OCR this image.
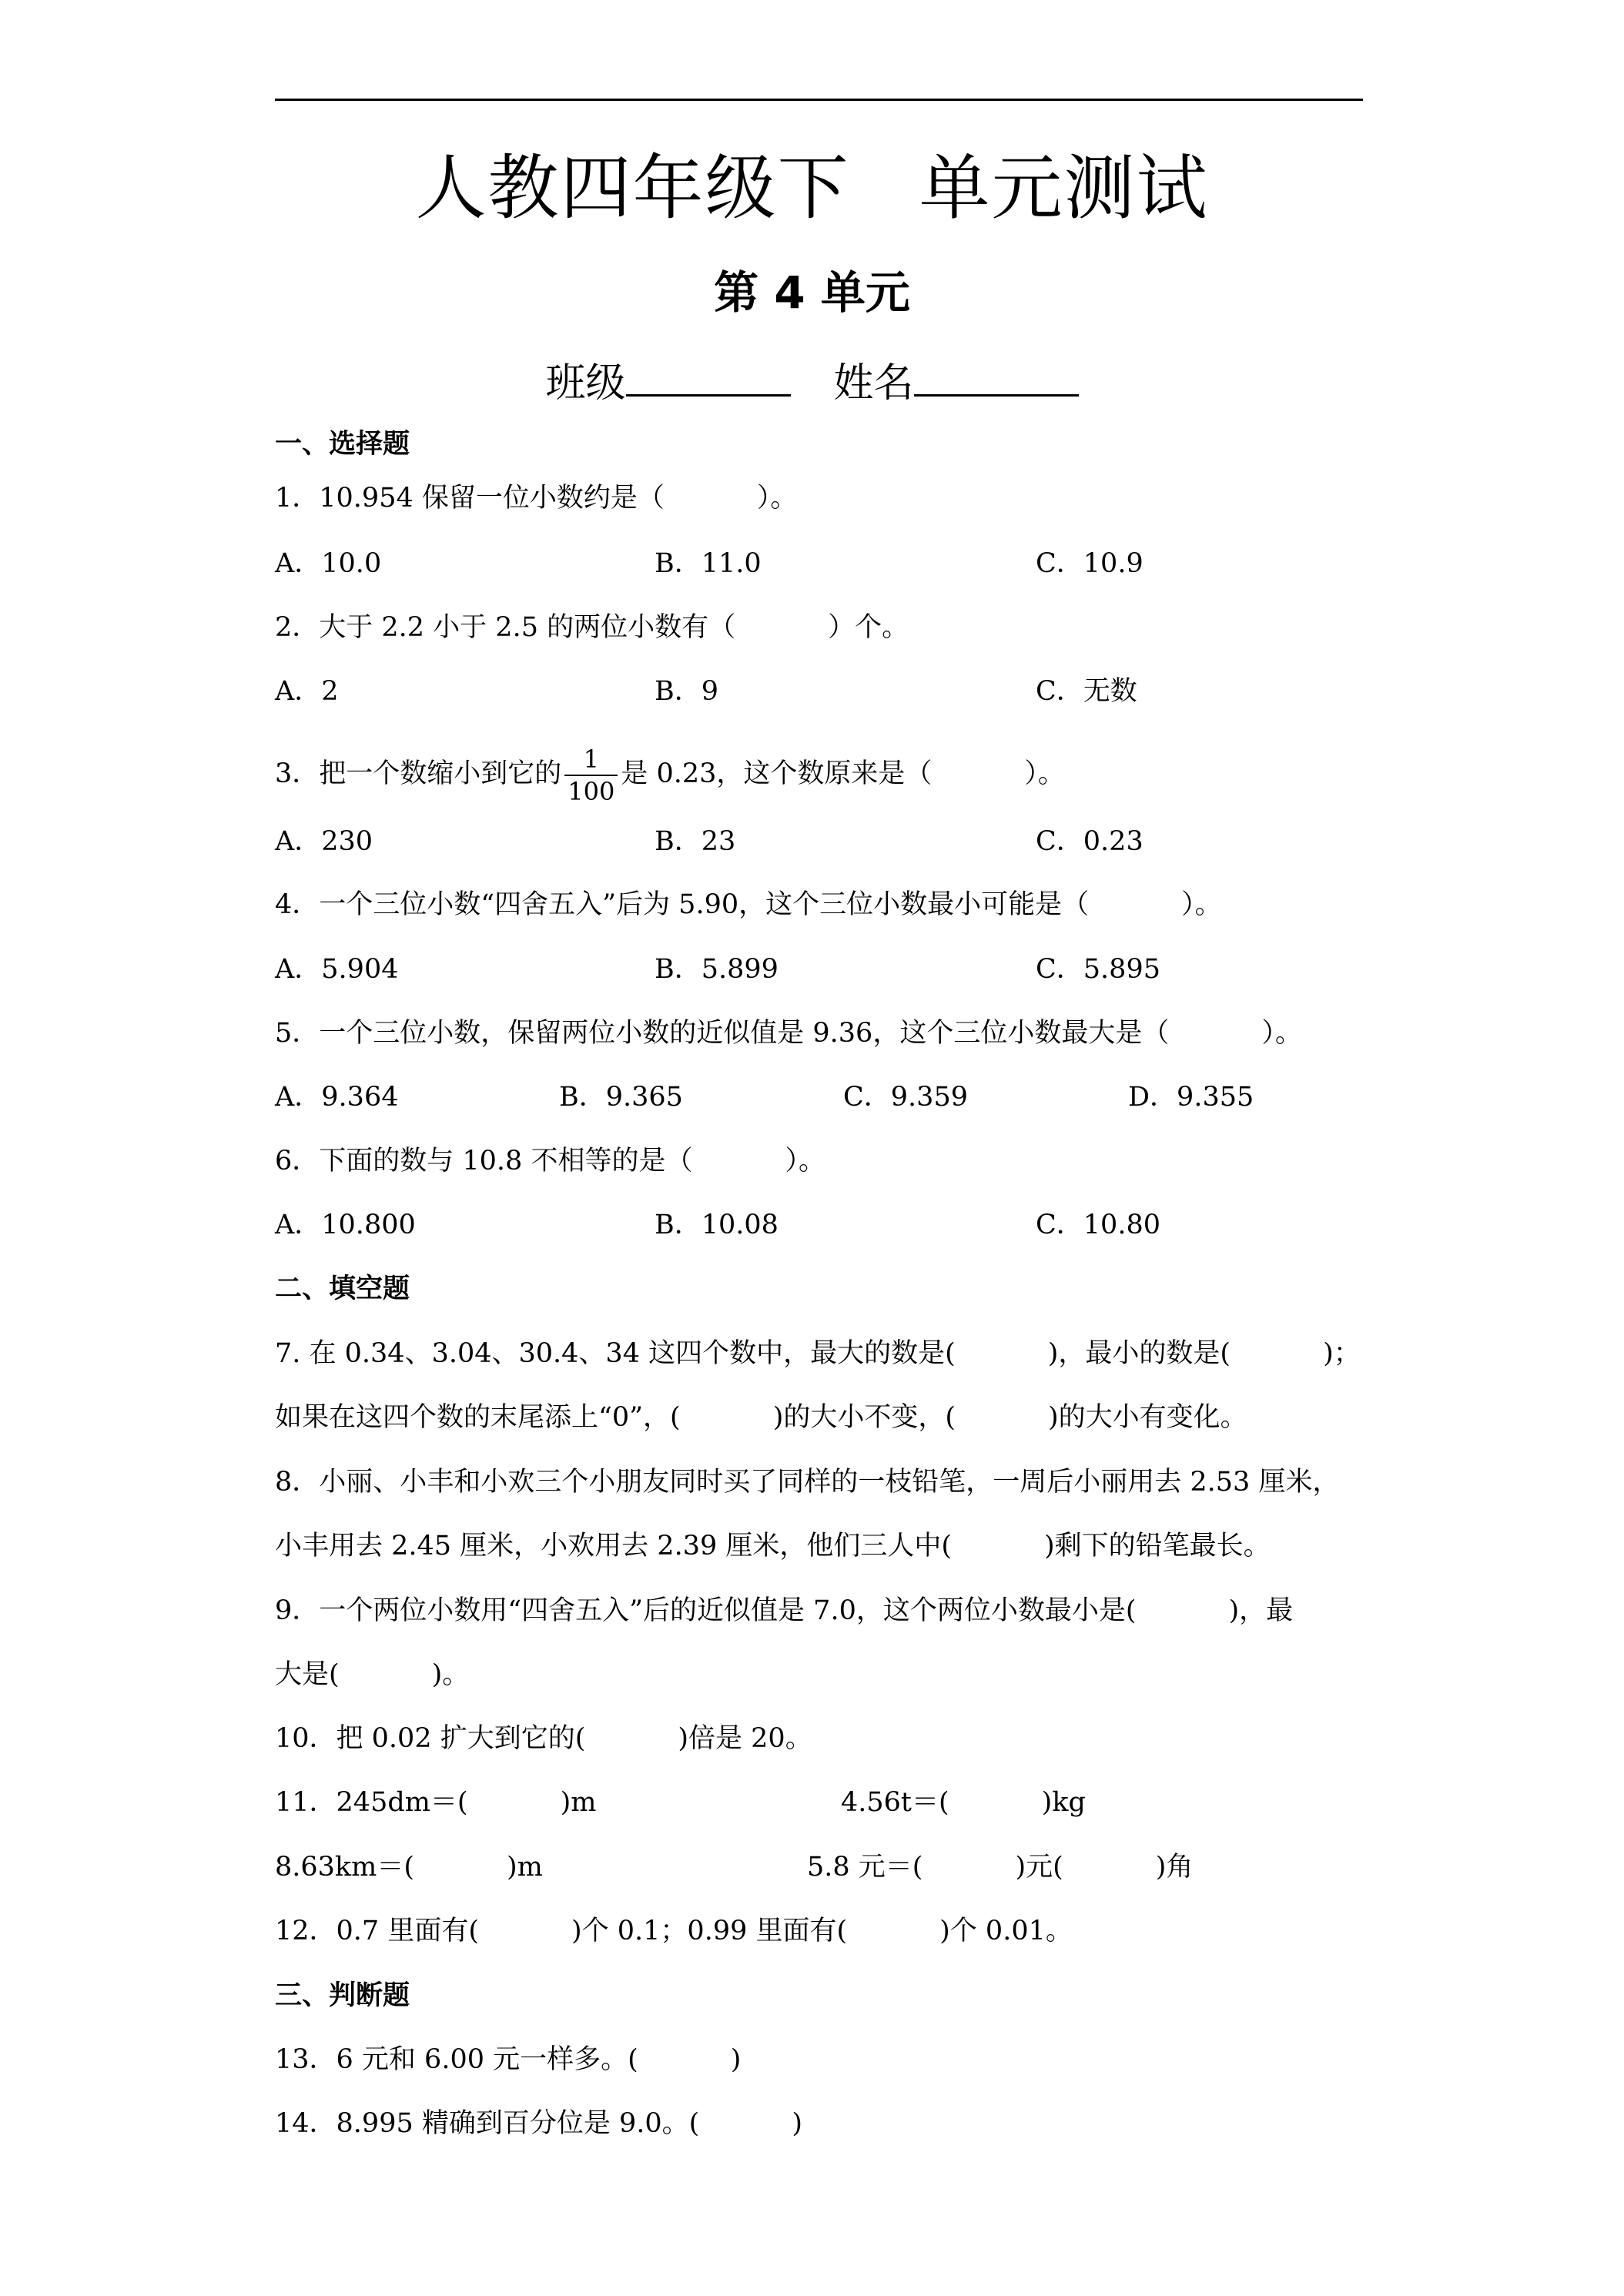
人教四年级下 单元测试
第 4 单元
班级	姓名
一、选择题
1．10.954 保留一位小数约是（	）。
A．10.0	B．11.0	C．10.9
2．大于 2.2 小于 2.5 的两位小数有（	）个。
A．2	B．9	C．无数
3．把一个数缩小到它的 $\frac{1}{100}$ 是 0.23，这个数原来是（	）。
A．230	B．23	C．0.23
4．一个三位小数“四舍五入”后为 5.90，这个三位小数最小可能是（	）。
A．5.904	B．5.899	C．5.895
5．一个三位小数，保留两位小数的近似值是 9.36，这个三位小数最大是（	）。
A．9.364	B．9.365	C．9.359	D．9.355
6．下面的数与 10.8 不相等的是（	）。
A．10.800	B．10.08	C．10.80
二、填空题
7. 在 0.34、3.04、30.4、34 这四个数中，最大的数是(	)，最小的数是(	)；
如果在这四个数的末尾添上“0”，(	)的大小不变，(	)的大小有变化。
8．小丽、小丰和小欢三个小朋友同时买了同样的一枝铅笔，一周后小丽用去 2.53 厘米，
小丰用去 2.45 厘米，小欢用去 2.39 厘米，他们三人中(	)剩下的铅笔最长。
9．一个两位小数用“四舍五入”后的近似值是 7.0，这个两位小数最小是(	)，最
大是(	)。
10．把 0.02 扩大到它的(	)倍是 20。
11．245dm＝(	)m	4.56t＝(	)kg
8.63km＝(	)m	5.8 元＝(	)元(	)角
12．0.7 里面有(	)个 0.1；0.99 里面有(	)个 0.01。
三、判断题
13．6 元和 6.00 元一样多。(	)
14．8.995 精确到百分位是 9.0。(	)
